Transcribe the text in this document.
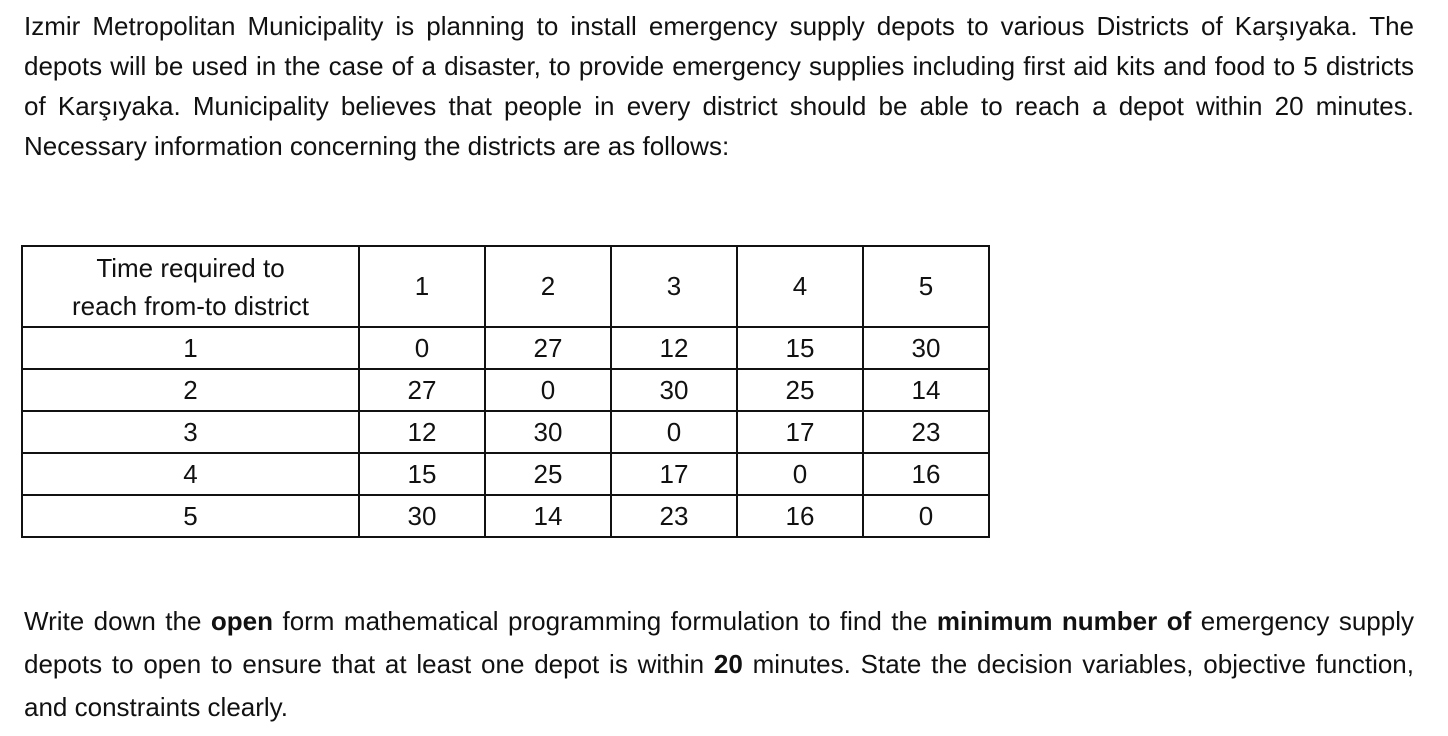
Izmir Metropolitan Municipality is planning to install emergency supply depots to various Districts of Karşıyaka. The depots will be used in the case of a disaster, to provide emergency supplies including first aid kits and food to 5 districts of Karşıyaka. Municipality believes that people in every district should be able to reach a depot within 20 minutes. Necessary information concerning the districts are as follows:

Time required to
reach from-to district	1	2	3	4	5
1	0	27	12	15	30
2	27	0	30	25	14
3	12	30	0	17	23
4	15	25	17	0	16
5	30	14	23	16	0

Write down the open form mathematical programming formulation to find the minimum number of emergency supply depots to open to ensure that at least one depot is within 20 minutes. State the decision variables, objective function, and constraints clearly.
